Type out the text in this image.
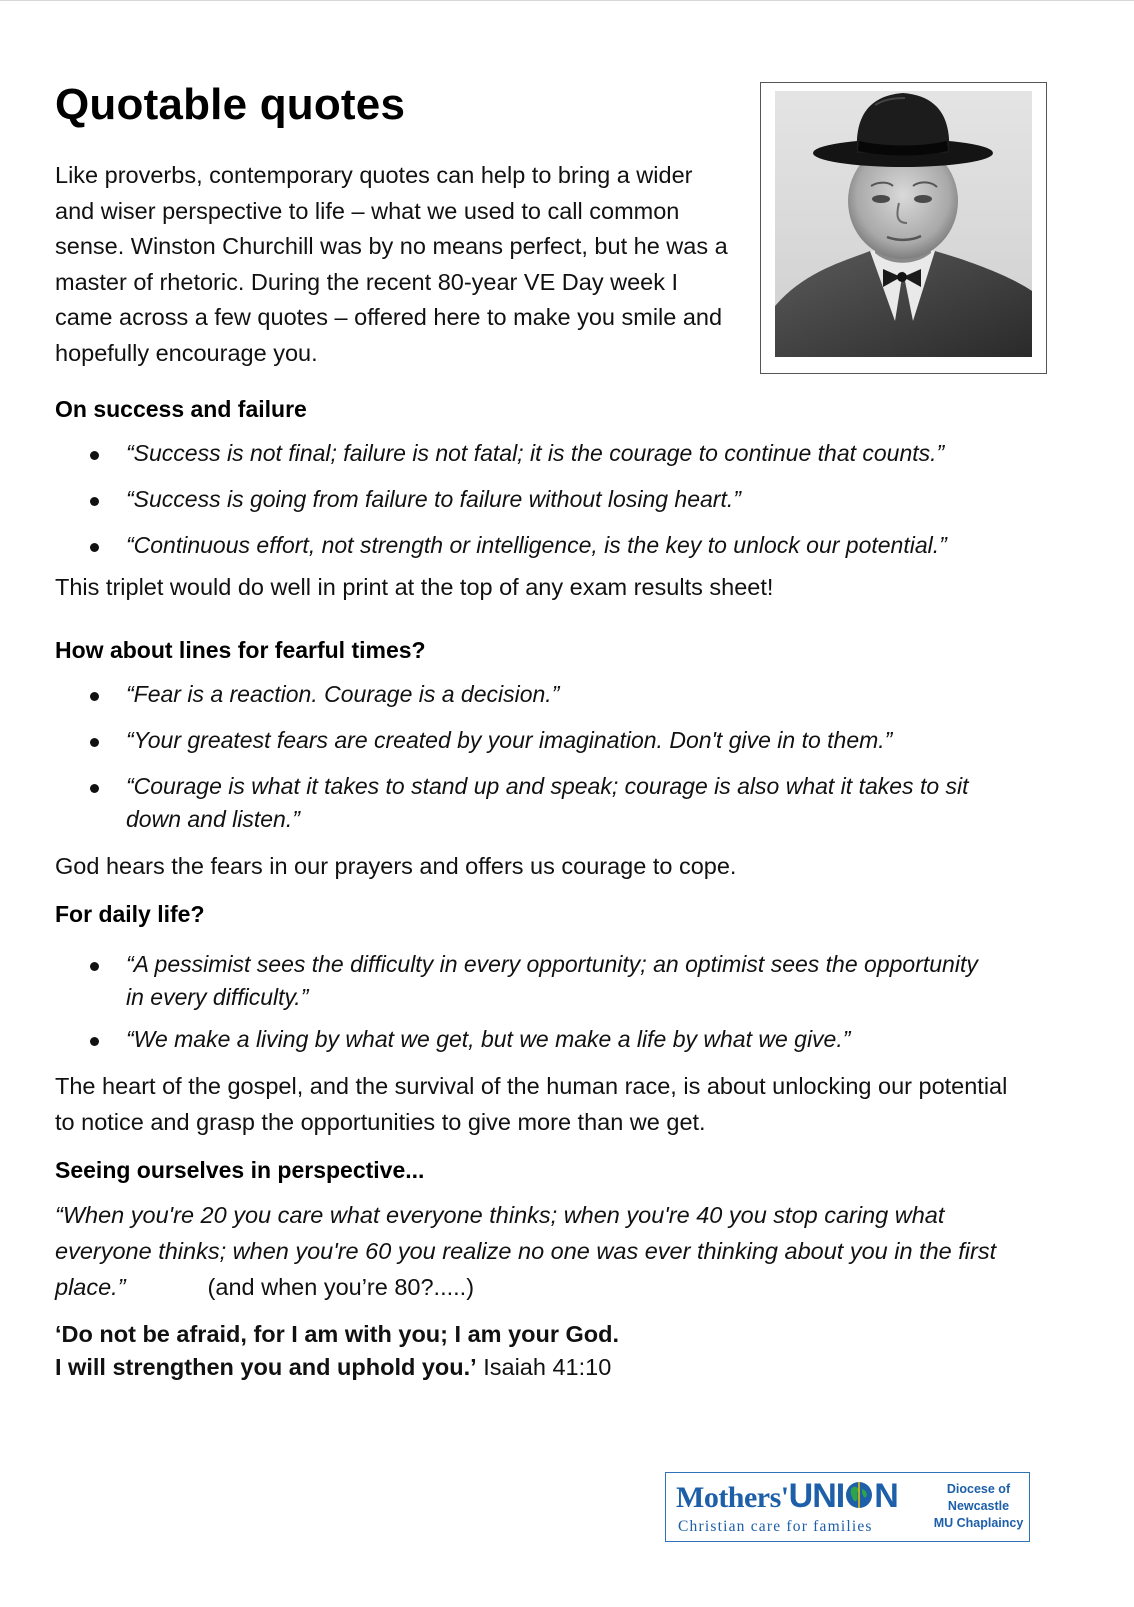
Quotable quotes

Like proverbs, contemporary quotes can help to bring a wider and wiser perspective to life – what we used to call common sense. Winston Churchill was by no means perfect, but he was a master of rhetoric. During the recent 80-year VE Day week I came across a few quotes – offered here to make you smile and hopefully encourage you.

On success and failure
“Success is not final; failure is not fatal; it is the courage to continue that counts.”
“Success is going from failure to failure without losing heart.”
“Continuous effort, not strength or intelligence, is the key to unlock our potential.”

This triplet would do well in print at the top of any exam results sheet!

How about lines for fearful times?
“Fear is a reaction. Courage is a decision.”
“Your greatest fears are created by your imagination. Don't give in to them.”
“Courage is what it takes to stand up and speak; courage is also what it takes to sit down and listen.”

God hears the fears in our prayers and offers us courage to cope.

For daily life?
“A pessimist sees the difficulty in every opportunity; an optimist sees the opportunity in every difficulty.”
“We make a living by what we get, but we make a life by what we give.”

The heart of the gospel, and the survival of the human race, is about unlocking our potential to notice and grasp the opportunities to give more than we get.

Seeing ourselves in perspective...

“When you're 20 you care what everyone thinks; when you're 40 you stop caring what everyone thinks; when you're 60 you realize no one was ever thinking about you in the first place.”	(and when you’re 80?.....)

‘Do not be afraid, for I am with you; I am your God.
I will strengthen you and uphold you.’ Isaiah 41:10
Mothers'UNI N
Christian care for families
Diocese of
Newcastle
MU Chaplaincy
